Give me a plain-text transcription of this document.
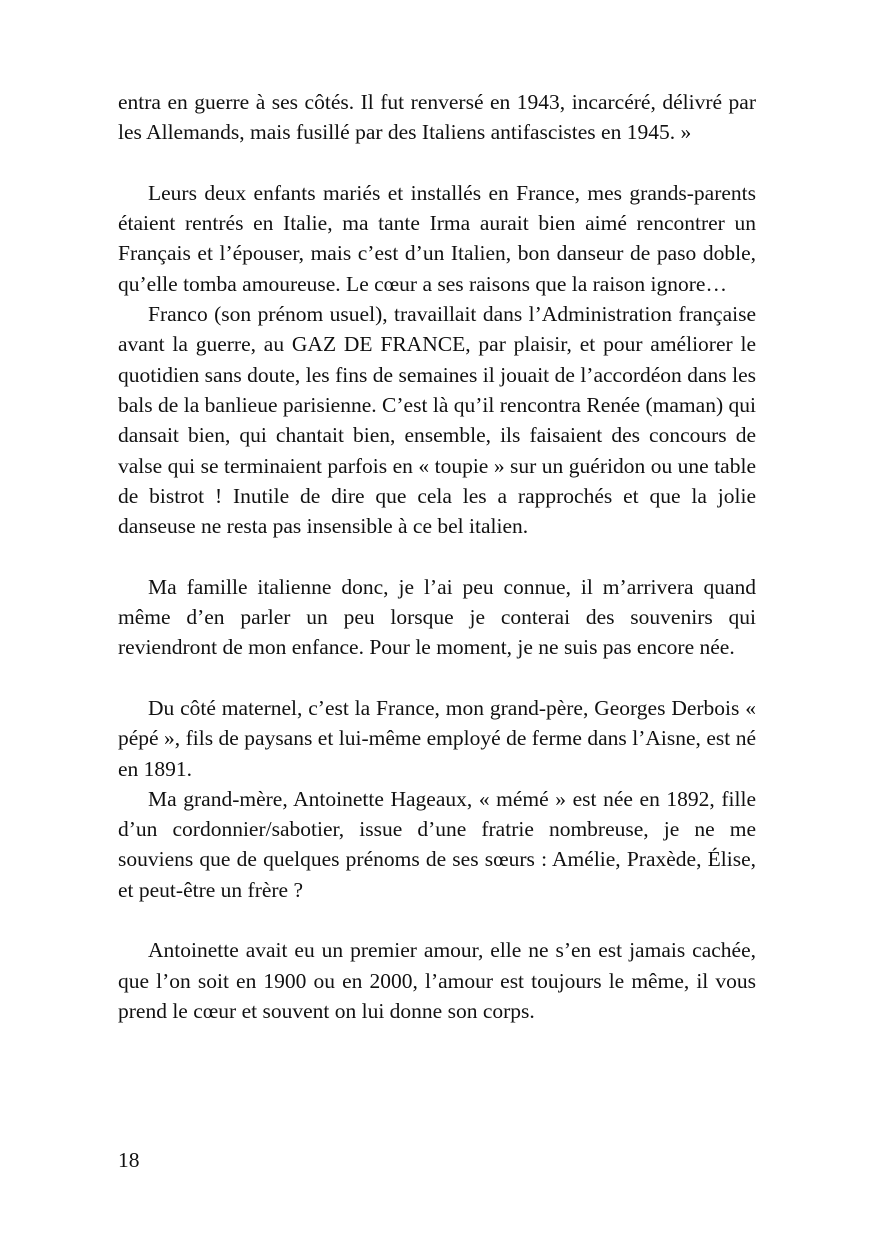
entra en guerre à ses côtés. Il fut renversé en 1943, incarcéré, délivré par les Allemands, mais fusillé par des Italiens antifascistes en 1945. »

Leurs deux enfants mariés et installés en France, mes grands-parents étaient rentrés en Italie, ma tante Irma aurait bien aimé rencontrer un Français et l’épouser, mais c’est d’un Italien, bon danseur de paso doble, qu’elle tomba amoureuse. Le cœur a ses raisons que la raison ignore…

Franco (son prénom usuel), travaillait dans l’Administration française avant la guerre, au GAZ DE FRANCE, par plaisir, et pour améliorer le quotidien sans doute, les fins de semaines il jouait de l’accordéon dans les bals de la banlieue parisienne. C’est là qu’il rencontra Renée (maman) qui dansait bien, qui chantait bien, ensemble, ils faisaient des concours de valse qui se terminaient parfois en « toupie » sur un guéridon ou une table de bistrot ! Inutile de dire que cela les a rapprochés et que la jolie danseuse ne resta pas insensible à ce bel italien.

Ma famille italienne donc, je l’ai peu connue, il m’arrivera quand même d’en parler un peu lorsque je conterai des souvenirs qui reviendront de mon enfance. Pour le moment, je ne suis pas encore née.

Du côté maternel, c’est la France, mon grand-père, Georges Derbois « pépé », fils de paysans et lui-même employé de ferme dans l’Aisne, est né en 1891.

Ma grand-mère, Antoinette Hageaux, « mémé » est née en 1892, fille d’un cordonnier/sabotier, issue d’une fratrie nombreuse, je ne me souviens que de quelques prénoms de ses sœurs : Amélie, Praxède, Élise, et peut-être un frère ?

Antoinette avait eu un premier amour, elle ne s’en est jamais cachée, que l’on soit en 1900 ou en 2000, l’amour est toujours le même, il vous prend le cœur et souvent on lui donne son corps.

18
